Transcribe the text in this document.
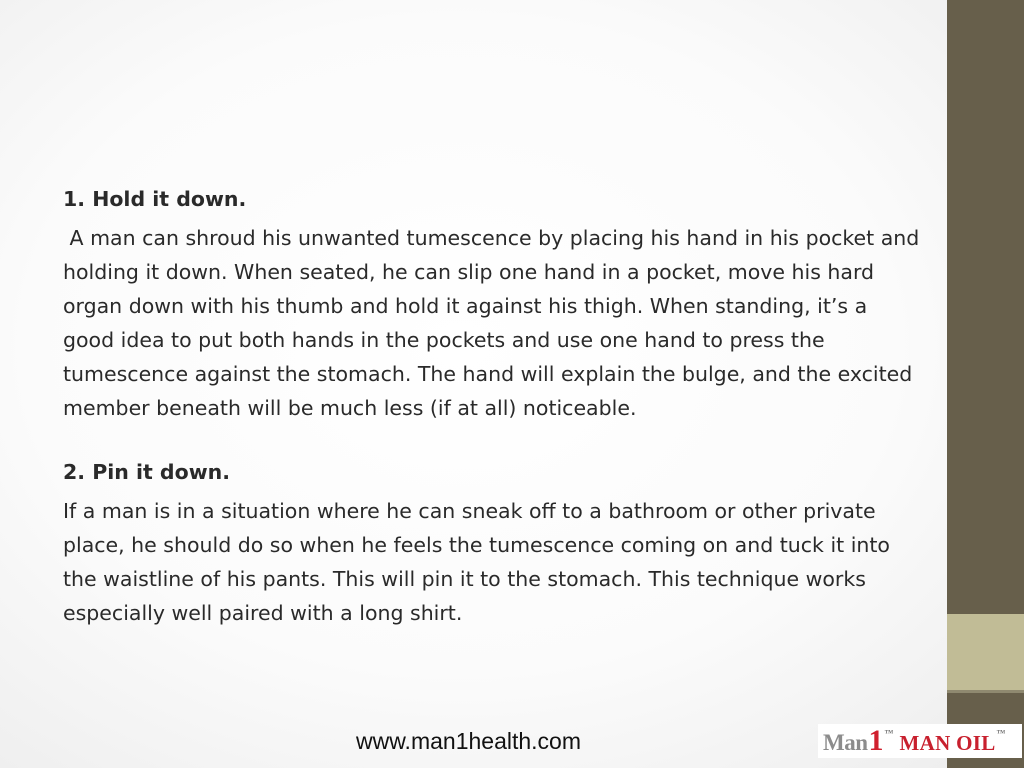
1. Hold it down.

A man can shroud his unwanted tumescence by placing his hand in his pocket and holding it down. When seated, he can slip one hand in a pocket, move his hard organ down with his thumb and hold it against his thigh. When standing, it’s a good idea to put both hands in the pockets and use one hand to press the tumescence against the stomach. The hand will explain the bulge, and the excited member beneath will be much less (if at all) noticeable.

2. Pin it down.

If a man is in a situation where he can sneak off to a bathroom or other private place, he should do so when he feels the tumescence coming on and tuck it into the waistline of his pants. This will pin it to the stomach. This technique works especially well paired with a long shirt.

www.man1health.com	Man 1 ™ MAN OIL ™
